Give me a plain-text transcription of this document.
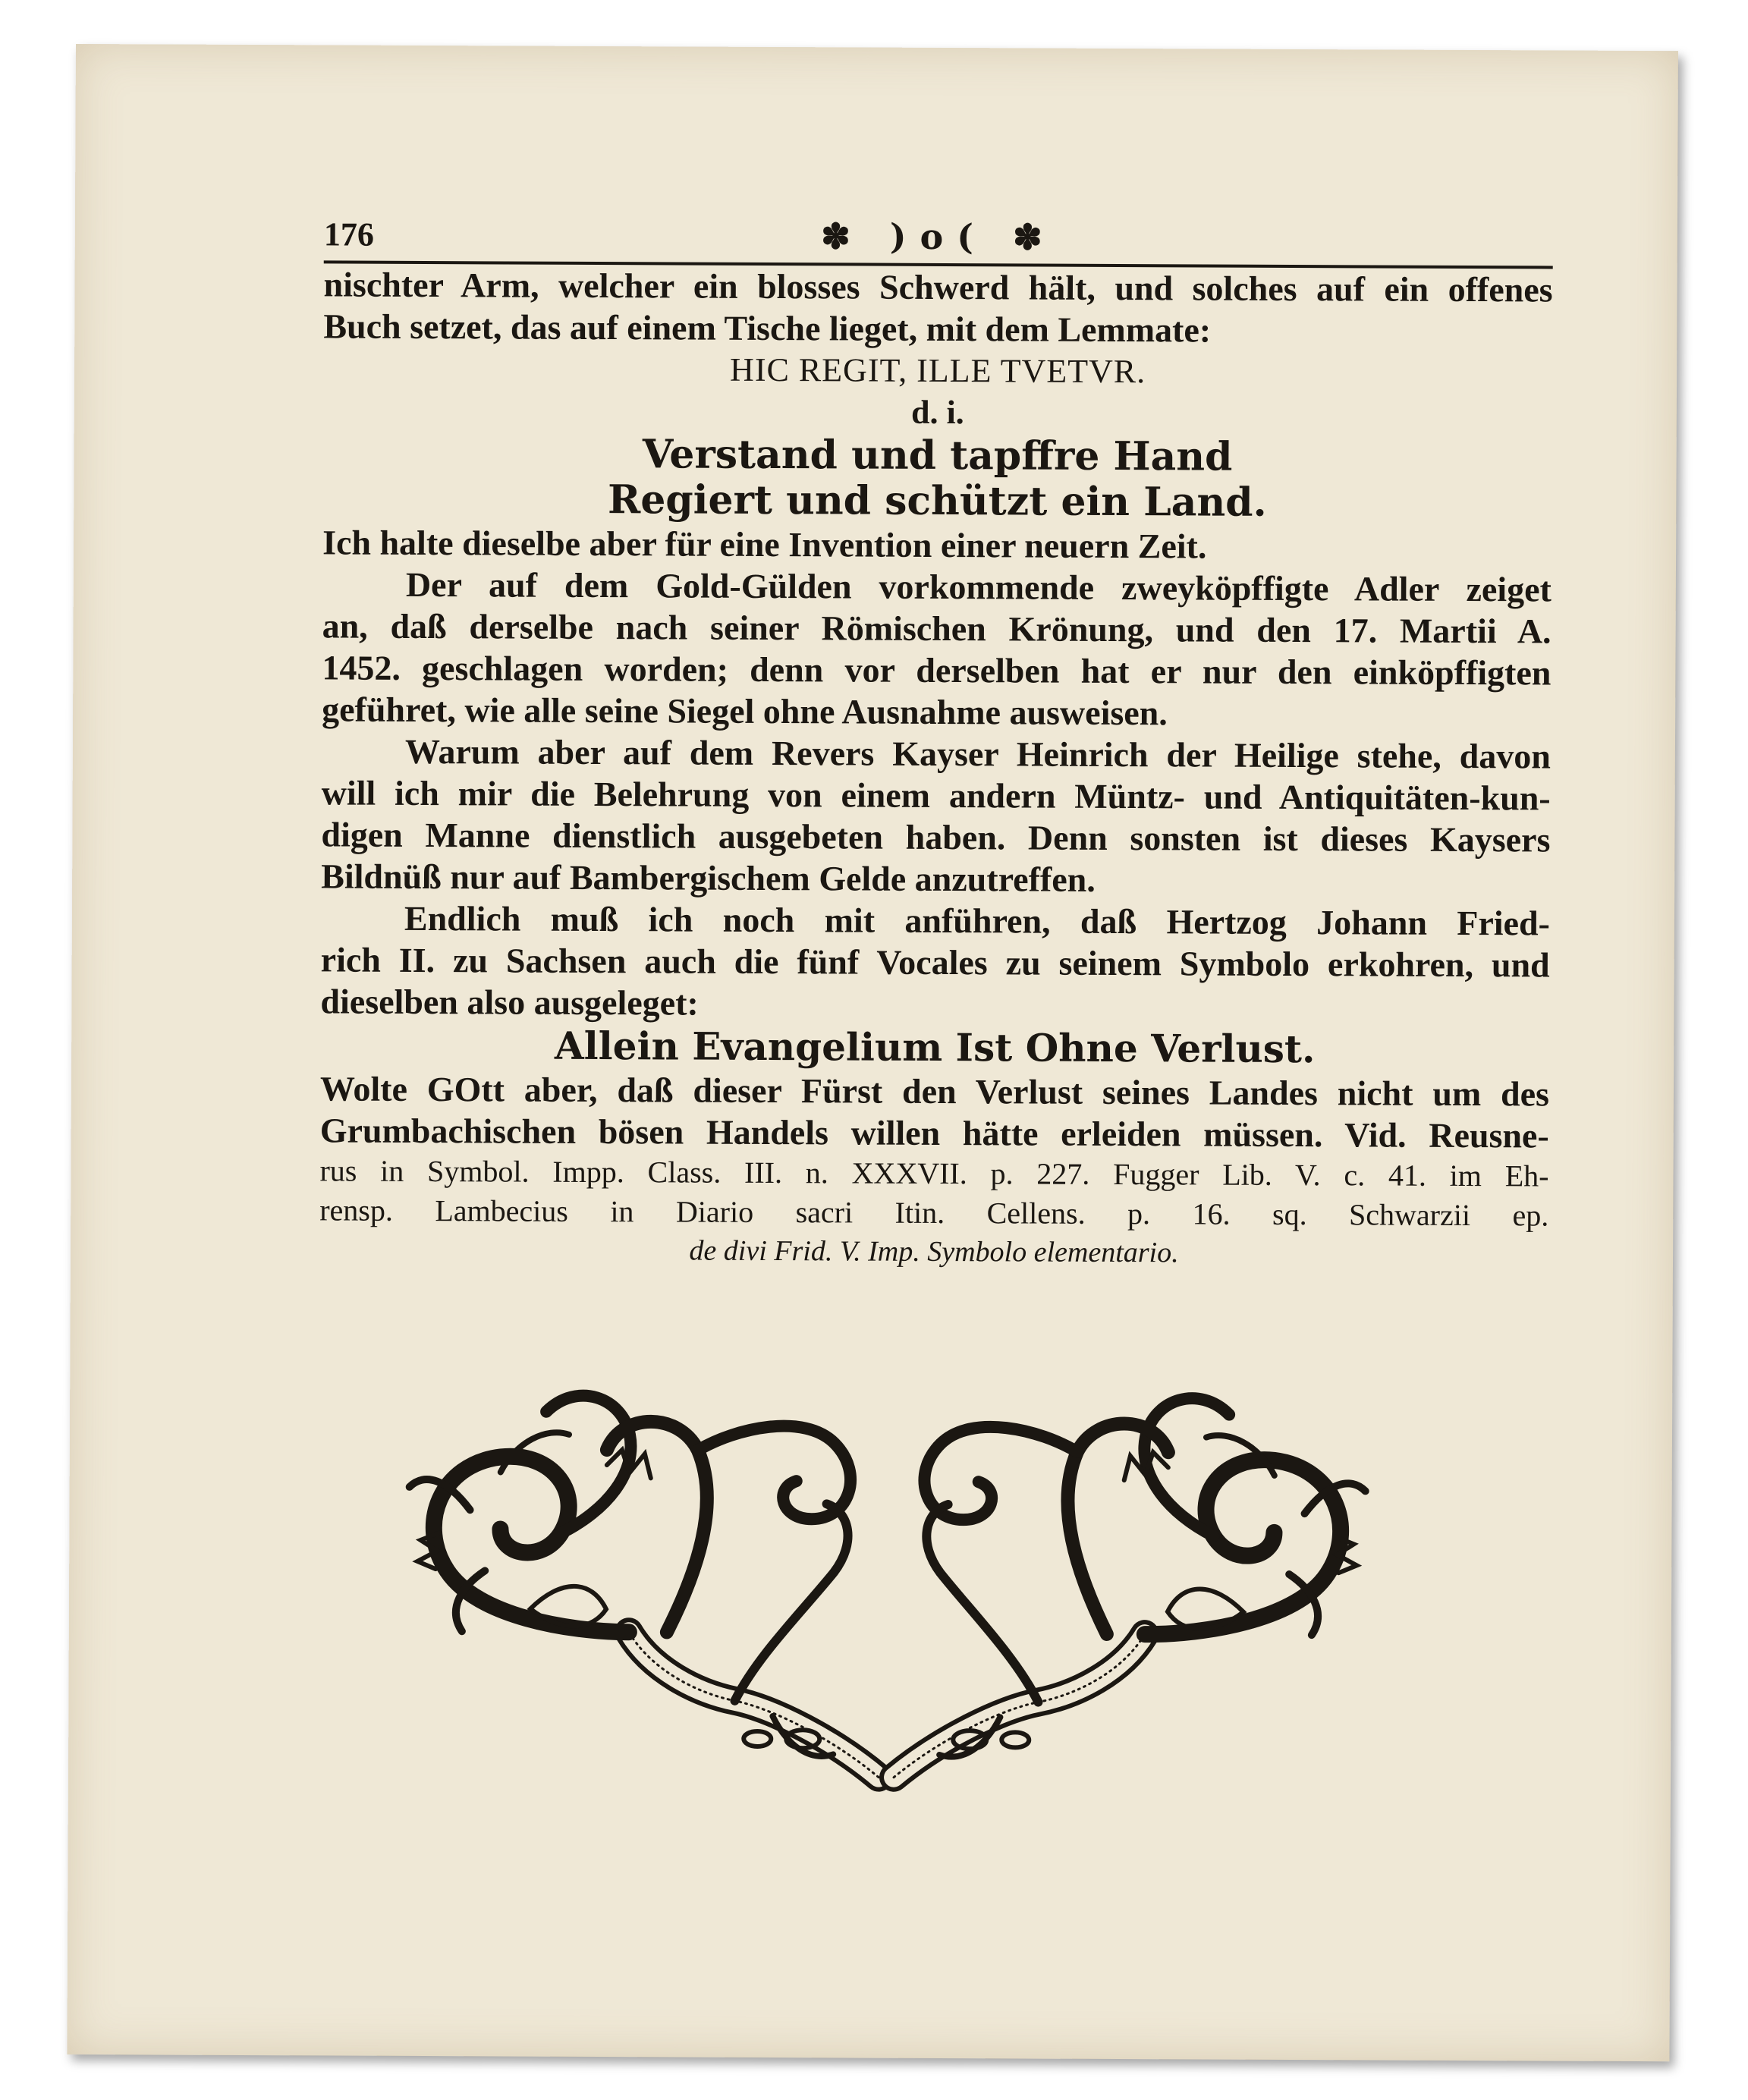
176	✽ )o( ✽
nischter Arm, welcher ein blosses Schwerd hält, und solches auf ein offenes
Buch setzet, das auf einem Tische lieget, mit dem Lemmate:
HIC REGIT, ILLE TVETVR.
d. i.
Verstand und tapffre Hand
Regiert und schützt ein Land.
Ich halte dieselbe aber für eine Invention einer neuern Zeit.
Der auf dem Gold-Gülden vorkommende zweyköpffigte Adler zeiget
an, daß derselbe nach seiner Römischen Krönung, und den 17. Martii A.
1452. geschlagen worden; denn vor derselben hat er nur den einköpffigten
geführet, wie alle seine Siegel ohne Ausnahme ausweisen.
Warum aber auf dem Revers Kayser Heinrich der Heilige stehe, davon
will ich mir die Belehrung von einem andern Müntz- und Antiquitäten-kun-
digen Manne dienstlich ausgebeten haben. Denn sonsten ist dieses Kaysers
Bildnüß nur auf Bambergischem Gelde anzutreffen.
Endlich muß ich noch mit anführen, daß Hertzog Johann Fried-
rich II. zu Sachsen auch die fünf Vocales zu seinem Symbolo erkohren, und
dieselben also ausgeleget:
Allein Evangelium Ist Ohne Verlust.
Wolte GOtt aber, daß dieser Fürst den Verlust seines Landes nicht um des
Grumbachischen bösen Handels willen hätte erleiden müssen. Vid. Reusne-
rus in Symbol. Impp. Class. III. n. XXXVII. p. 227. Fugger Lib. V. c. 41. im Eh-
rensp. Lambecius in Diario sacri Itin. Cellens. p. 16. sq. Schwarzii ep.
de divi Frid. V. Imp. Symbolo elementario.
